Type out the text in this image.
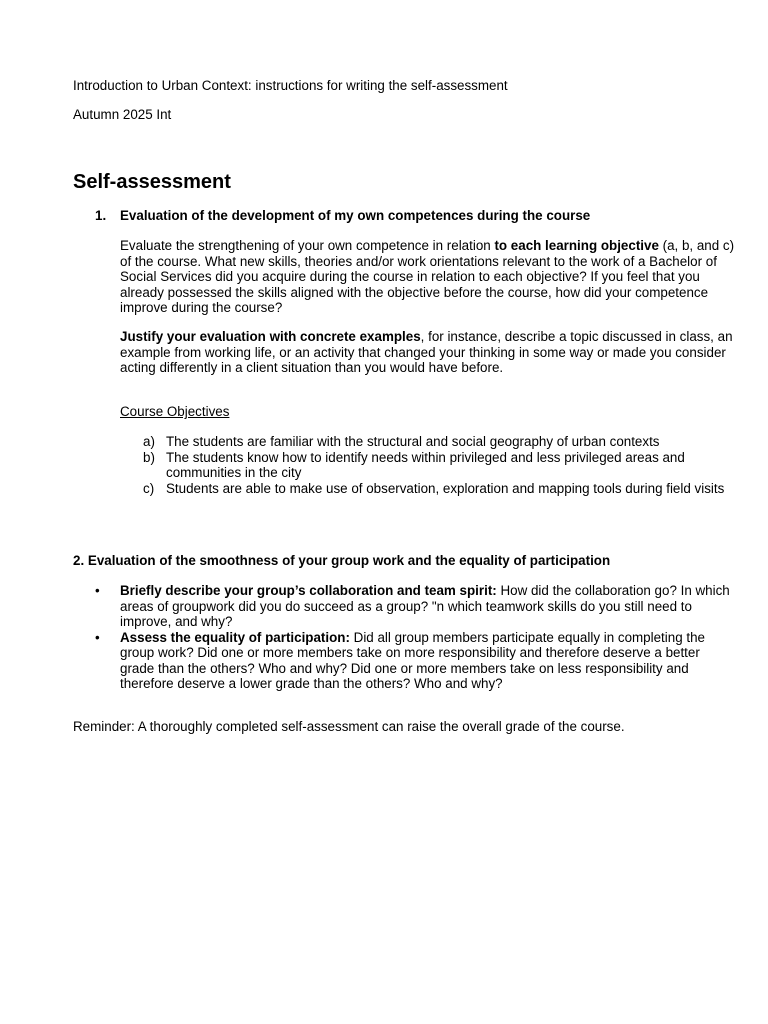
Introduction to Urban Context: instructions for writing the self-assessment

Autumn 2025 Int

Self-assessment
1. Evaluation of the development of my own competences during the course

Evaluate the strengthening of your own competence in relation to each learning objective (a, b, and c) of the course. What new skills, theories and/or work orientations relevant to the work of a Bachelor of Social Services did you acquire during the course in relation to each objective? If you feel that you already possessed the skills aligned with the objective before the course, how did your competence improve during the course?

Justify your evaluation with concrete examples, for instance, describe a topic discussed in class, an example from working life, or an activity that changed your thinking in some way or made you consider acting differently in a client situation than you would have before.

Course Objectives

a) The students are familiar with the structural and social geography of urban contexts
b) The students know how to identify needs within privileged and less privileged areas and communities in the city
c) Students are able to make use of observation, exploration and mapping tools during field visits

2. Evaluation of the smoothness of your group work and the equality of participation

• Briefly describe your group’s collaboration and team spirit: How did the collaboration go? In which areas of groupwork did you do succeed as a group? "n which teamwork skills do you still need to improve, and why?
• Assess the equality of participation: Did all group members participate equally in completing the group work? Did one or more members take on more responsibility and therefore deserve a better grade than the others? Who and why? Did one or more members take on less responsibility and therefore deserve a lower grade than the others? Who and why?

Reminder: A thoroughly completed self-assessment can raise the overall grade of the course.
